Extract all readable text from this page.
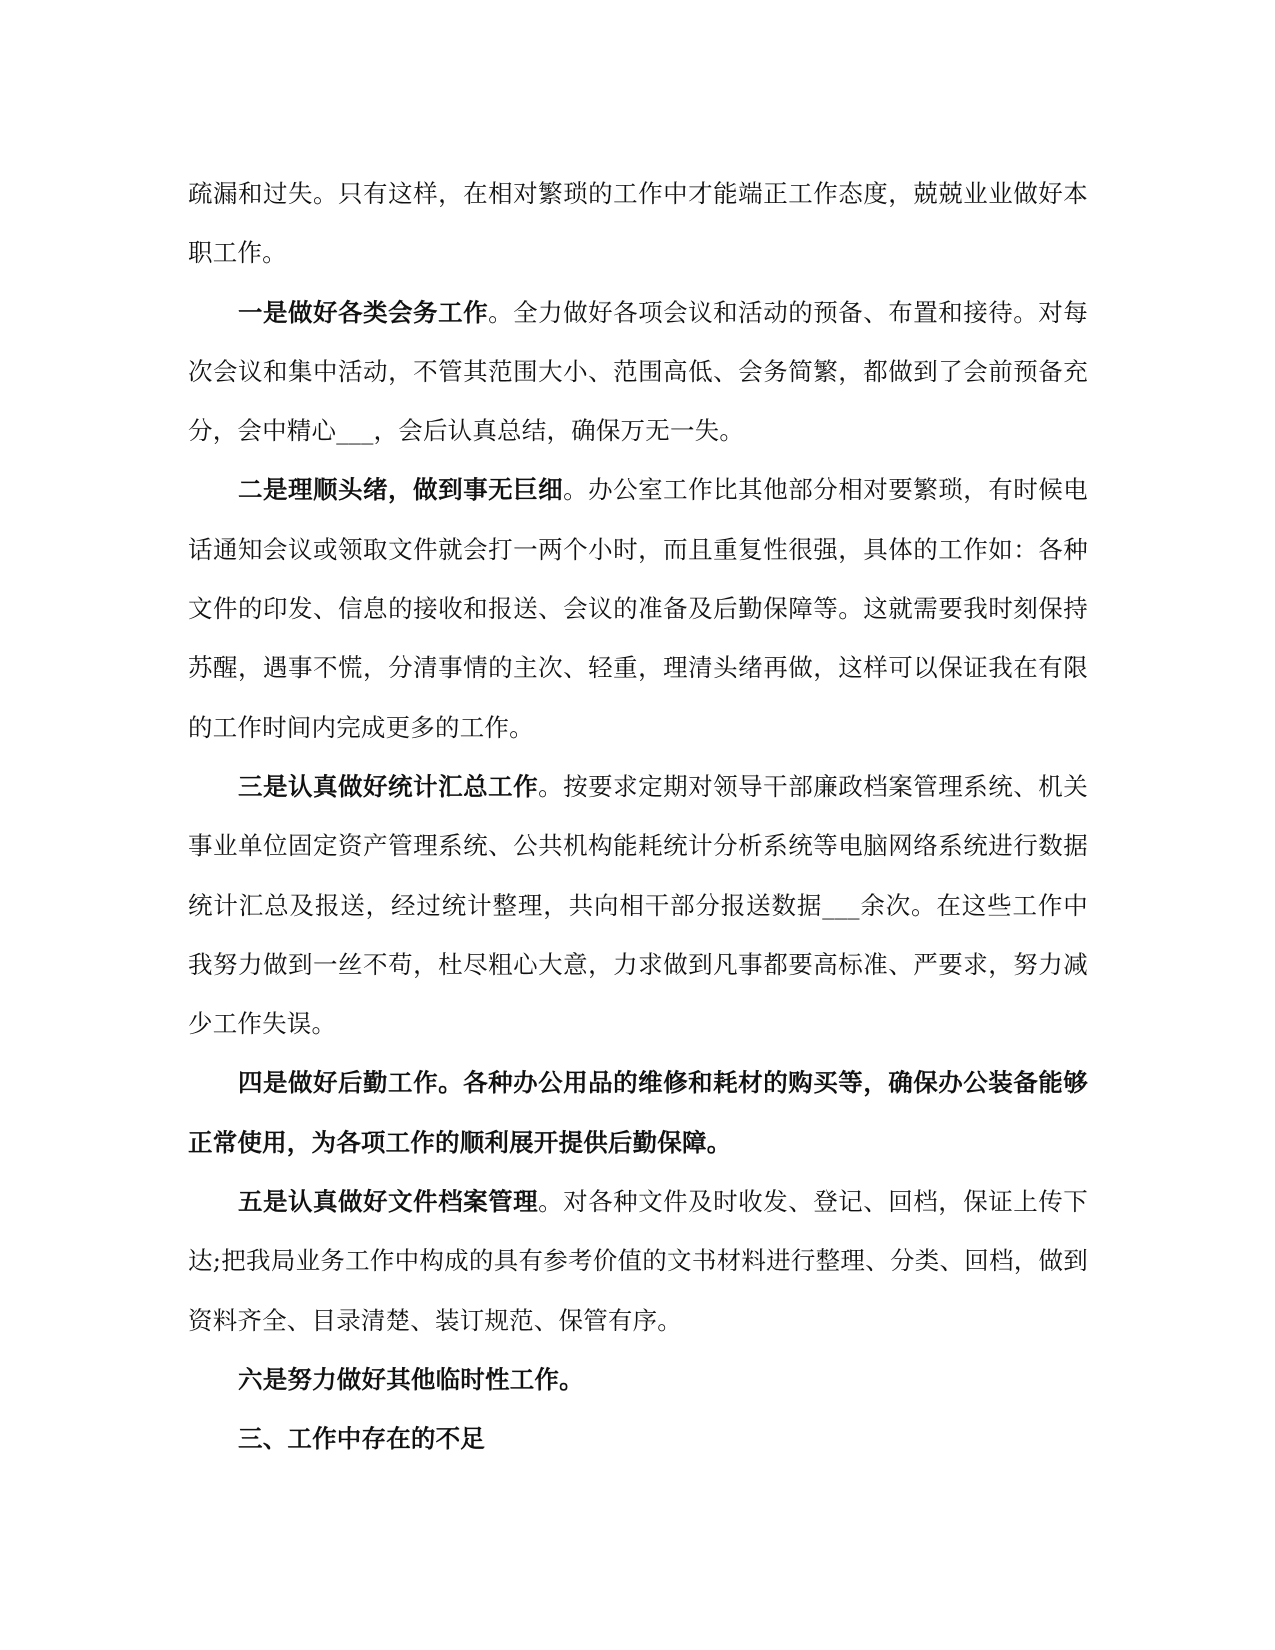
疏漏和过失。只有这样，在相对繁琐的工作中才能端正工作态度，兢兢业业做好本职工作。

一是做好各类会务工作。全力做好各项会议和活动的预备、布置和接待。对每次会议和集中活动，不管其范围大小、范围高低、会务简繁，都做到了会前预备充分，会中精心___，会后认真总结，确保万无一失。

二是理顺头绪，做到事无巨细。办公室工作比其他部分相对要繁琐，有时候电话通知会议或领取文件就会打一两个小时，而且重复性很强，具体的工作如：各种文件的印发、信息的接收和报送、会议的准备及后勤保障等。这就需要我时刻保持苏醒，遇事不慌，分清事情的主次、轻重，理清头绪再做，这样可以保证我在有限的工作时间内完成更多的工作。

三是认真做好统计汇总工作。按要求定期对领导干部廉政档案管理系统、机关事业单位固定资产管理系统、公共机构能耗统计分析系统等电脑网络系统进行数据统计汇总及报送，经过统计整理，共向相干部分报送数据___余次。在这些工作中我努力做到一丝不苟，杜尽粗心大意，力求做到凡事都要高标准、严要求，努力减少工作失误。

四是做好后勤工作。各种办公用品的维修和耗材的购买等，确保办公装备能够正常使用，为各项工作的顺利展开提供后勤保障。

五是认真做好文件档案管理。对各种文件及时收发、登记、回档，保证上传下达;把我局业务工作中构成的具有参考价值的文书材料进行整理、分类、回档，做到资料齐全、目录清楚、装订规范、保管有序。

六是努力做好其他临时性工作。

三、工作中存在的不足
